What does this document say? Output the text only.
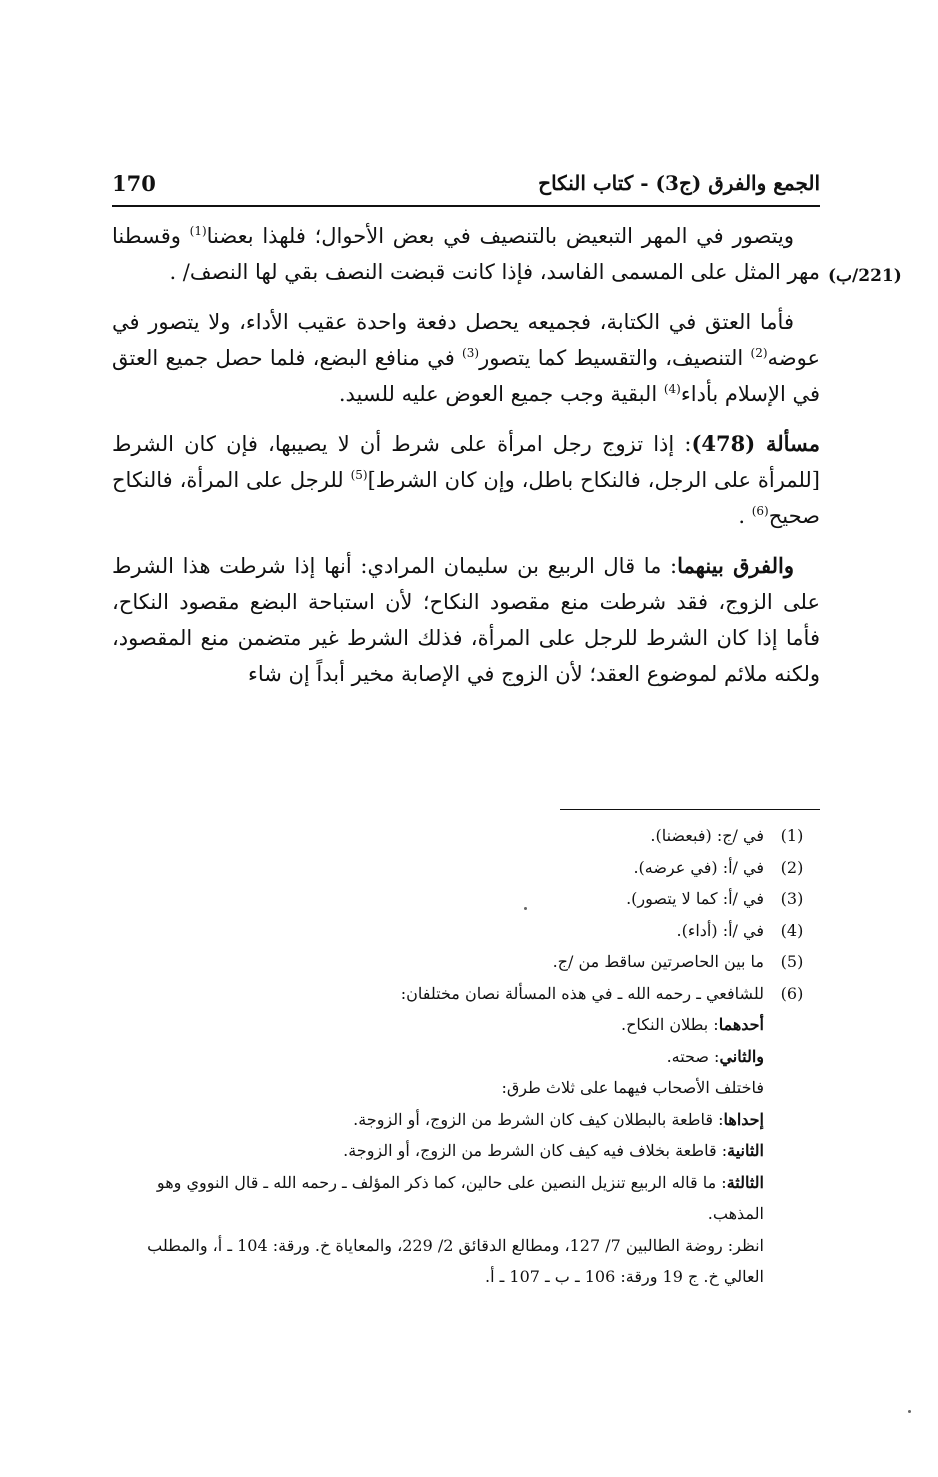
170	الجمع والفرق (ج3) - كتاب النكاح
(221/ب)

ويتصور في المهر التبعيض بالتنصيف في بعض الأحوال؛ فلهذا بعضنا$^{(1)}$ وقسطنا مهر المثل على المسمى الفاسد، فإذا كانت قبضت النصف بقي لها النصف/ .

فأما العتق في الكتابة، فجميعه يحصل دفعة واحدة عقيب الأداء، ولا يتصور في عوضه$^{(2)}$ التنصيف، والتقسيط كما يتصور$^{(3)}$ في منافع البضع، فلما حصل جميع العتق في الإسلام بأداء$^{(4)}$ البقية وجب جميع العوض عليه للسيد.

مسألة (478): إذا تزوج رجل امرأة على شرط أن لا يصيبها، فإن كان الشرط [للمرأة على الرجل، فالنكاح باطل، وإن كان الشرط]$^{(5)}$ للرجل على المرأة، فالنكاح صحيح$^{(6)}$ .

والفرق بينهما: ما قال الربيع بن سليمان المرادي: أنها إذا شرطت هذا الشرط على الزوج، فقد شرطت منع مقصود النكاح؛ لأن استباحة البضع مقصود النكاح، فأما إذا كان الشرط للرجل على المرأة، فذلك الشرط غير متضمن منع المقصود، ولكنه ملائم لموضوع العقد؛ لأن الزوج في الإصابة مخير أبداً إن شاء

(1)
في /ج: (فبعضنا).
(2)
في /أ: (في عرضه).
(3)
في /أ: كما لا يتصور).
(4)
في /أ: (أداء).
(5)
ما بين الحاصرتين ساقط من /ج.
(6)
للشافعي ـ رحمه الله ـ في هذه المسألة نصان مختلفان:
أحدهما: بطلان النكاح.
والثاني: صحته.
فاختلف الأصحاب فيهما على ثلاث طرق:
إحداها: قاطعة بالبطلان كيف كان الشرط من الزوج، أو الزوجة.
الثانية: قاطعة بخلاف فيه كيف كان الشرط من الزوج، أو الزوجة.
الثالثة: ما قاله الربيع تنزيل النصين على حالين، كما ذكر المؤلف ـ رحمه الله ـ قال النووي وهو المذهب.
انظر: روضة الطالبين 7/ 127، ومطالع الدقائق 2/ 229، والمعاياة خ. ورقة: 104 ـ أ، والمطلب العالي خ. ج 19 ورقة: 106 ـ ب ـ 107 ـ أ.
